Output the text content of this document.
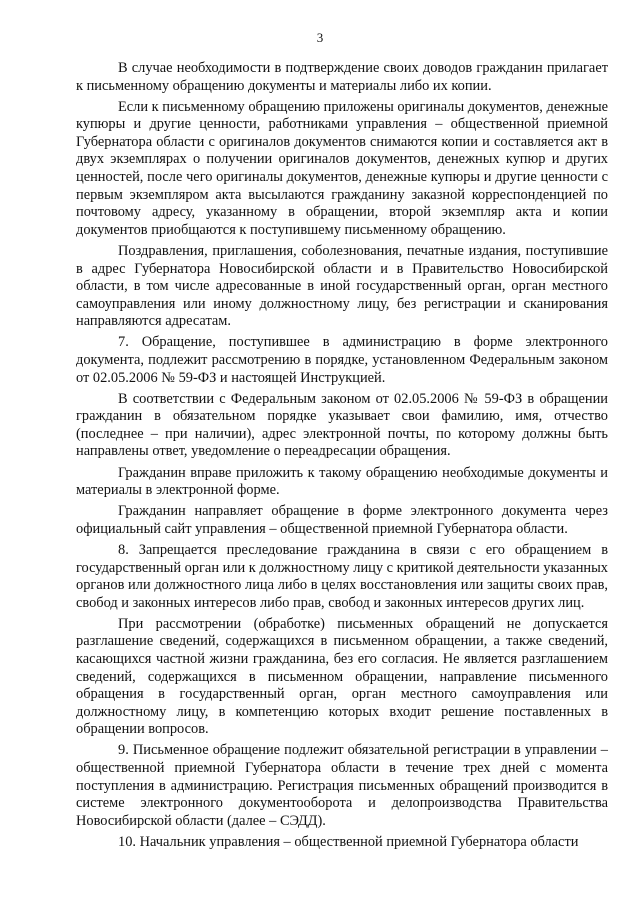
3

В случае необходимости в подтверждение своих доводов гражданин прилагает к письменному обращению документы и материалы либо их копии.

Если к письменному обращению приложены оригиналы документов, денежные купюры и другие ценности, работниками управления – общественной приемной Губернатора области с оригиналов документов снимаются копии и составляется акт в двух экземплярах о получении оригиналов документов, денежных купюр и других ценностей, после чего оригиналы документов, денежные купюры и другие ценности с первым экземпляром акта высылаются гражданину заказной корреспонденцией по почтовому адресу, указанному в обращении, второй экземпляр акта и копии документов приобщаются к поступившему письменному обращению.

Поздравления, приглашения, соболезнования, печатные издания, поступившие в адрес Губернатора Новосибирской области и в Правительство Новосибирской области, в том числе адресованные в иной государственный орган, орган местного самоуправления или иному должностному лицу, без регистрации и сканирования направляются адресатам.

7. Обращение, поступившее в администрацию в форме электронного документа, подлежит рассмотрению в порядке, установленном Федеральным законом от 02.05.2006 № 59-ФЗ и настоящей Инструкцией.

В соответствии с Федеральным законом от 02.05.2006 № 59-ФЗ в обращении гражданин в обязательном порядке указывает свои фамилию, имя, отчество (последнее – при наличии), адрес электронной почты, по которому должны быть направлены ответ, уведомление о переадресации обращения.

Гражданин вправе приложить к такому обращению необходимые документы и материалы в электронной форме.

Гражданин направляет обращение в форме электронного документа через официальный сайт управления – общественной приемной Губернатора области.

8. Запрещается преследование гражданина в связи с его обращением в государственный орган или к должностному лицу с критикой деятельности указанных органов или должностного лица либо в целях восстановления или защиты своих прав, свобод и законных интересов либо прав, свобод и законных интересов других лиц.

При рассмотрении (обработке) письменных обращений не допускается разглашение сведений, содержащихся в письменном обращении, а также сведений, касающихся частной жизни гражданина, без его согласия. Не является разглашением сведений, содержащихся в письменном обращении, направление письменного обращения в государственный орган, орган местного самоуправления или должностному лицу, в компетенцию которых входит решение поставленных в обращении вопросов.

9. Письменное обращение подлежит обязательной регистрации в управлении – общественной приемной Губернатора области в течение трех дней с момента поступления в администрацию. Регистрация письменных обращений производится в системе электронного документооборота и делопроизводства Правительства Новосибирской области (далее – СЭДД).

10. Начальник управления – общественной приемной Губернатора области
